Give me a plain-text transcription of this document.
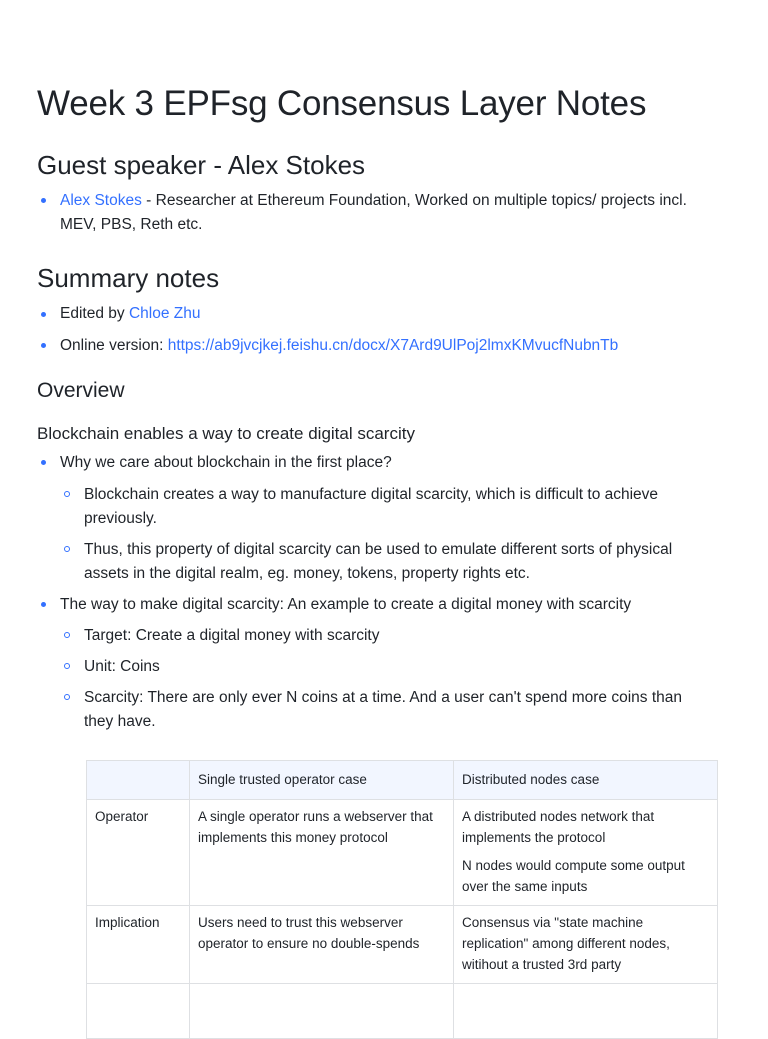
Week 3 EPFsg Consensus Layer Notes
Guest speaker - Alex Stokes
Alex Stokes - Researcher at Ethereum Foundation, Worked on multiple topics/ projects incl.
MEV, PBS, Reth etc.
Summary notes
Edited by Chloe Zhu
Online version: https://ab9jvcjkej.feishu.cn/docx/X7Ard9UlPoj2lmxKMvucfNubnTb
Overview
Blockchain enables a way to create digital scarcity
Why we care about blockchain in the first place?
Blockchain creates a way to manufacture digital scarcity, which is difficult to achieve
previously.
Thus, this property of digital scarcity can be used to emulate different sorts of physical
assets in the digital realm, eg. money, tokens, property rights etc.
The way to make digital scarcity: An example to create a digital money with scarcity
Target: Create a digital money with scarcity
Unit: Coins
Scarcity: There are only ever N coins at a time. And a user can't spend more coins than
they have.
	Single trusted operator case	Distributed nodes case
Operator	A single operator runs a webserver that implements this money protocol	A distributed nodes network that implements the protocol

N nodes would compute some output over the same inputs

Implication	Users need to trust this webserver operator to ensure no double-spends	Consensus via "state machine replication" among different nodes, witihout a trusted 3rd party
